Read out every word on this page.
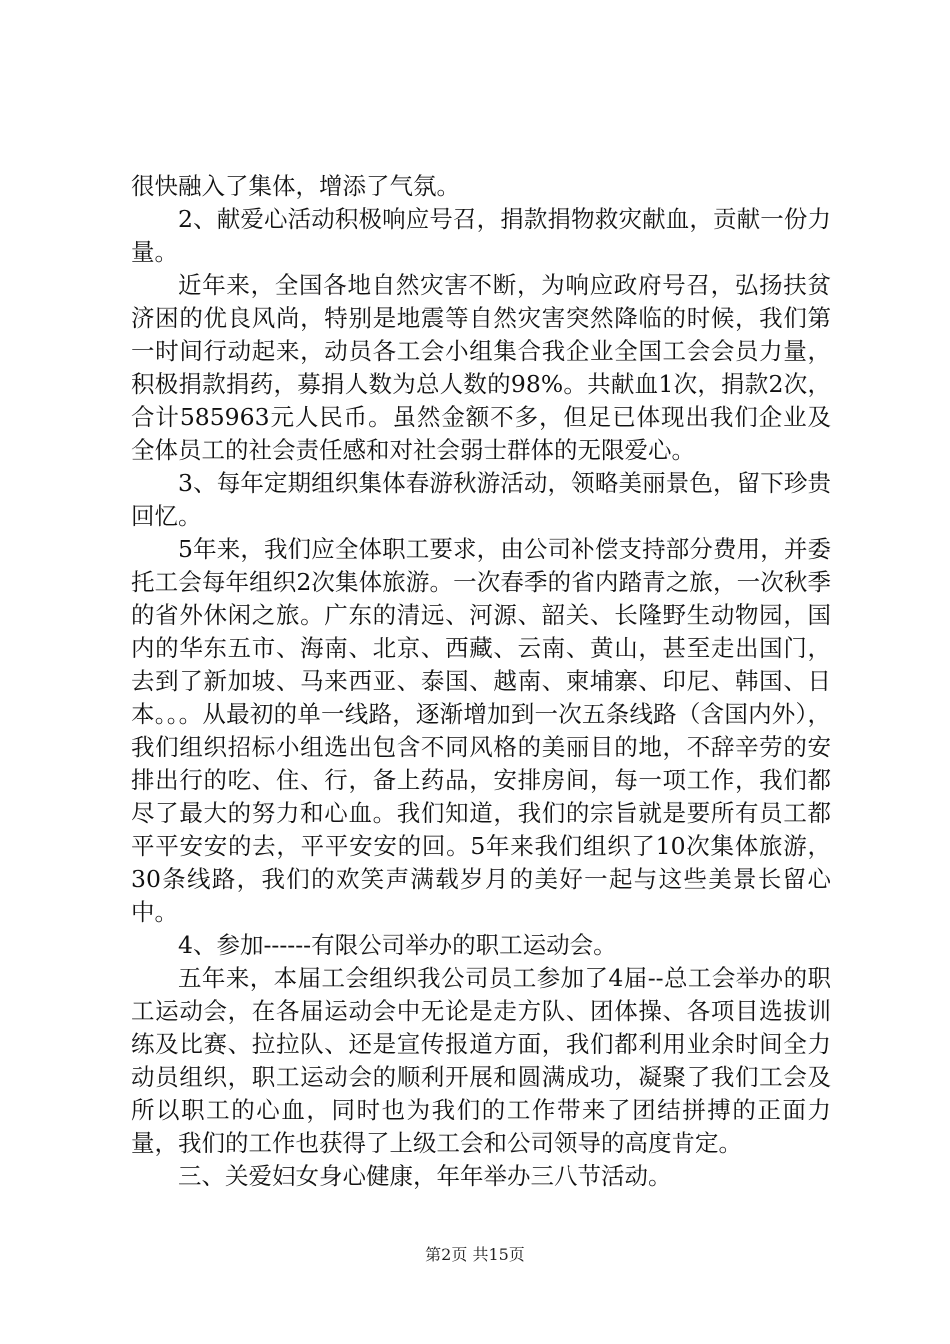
很快融入了集体，增添了气氛。

2、献爱心活动积极响应号召，捐款捐物救灾献血，贡献一份力量。

近年来，全国各地自然灾害不断，为响应政府号召，弘扬扶贫济困的优良风尚，特别是地震等自然灾害突然降临的时候，我们第一时间行动起来，动员各工会小组集合我企业全国工会会员力量，积极捐款捐药，募捐人数为总人数的98%。共献血1次，捐款2次，合计585963元人民币。虽然金额不多，但足已体现出我们企业及全体员工的社会责任感和对社会弱士群体的无限爱心。

3、每年定期组织集体春游秋游活动，领略美丽景色，留下珍贵回忆。

5年来，我们应全体职工要求，由公司补偿支持部分费用，并委托工会每年组织2次集体旅游。一次春季的省内踏青之旅，一次秋季的省外休闲之旅。广东的清远、河源、韶关、长隆野生动物园，国内的华东五市、海南、北京、西藏、云南、黄山，甚至走出国门，去到了新加坡、马来西亚、泰国、越南、柬埔寨、印尼、韩国、日本。。。从最初的单一线路，逐渐增加到一次五条线路（含国内外），我们组织招标小组选出包含不同风格的美丽目的地，不辞辛劳的安排出行的吃、住、行，备上药品，安排房间，每一项工作，我们都尽了最大的努力和心血。我们知道，我们的宗旨就是要所有员工都平平安安的去，平平安安的回。5年来我们组织了10次集体旅游，30条线路，我们的欢笑声满载岁月的美好一起与这些美景长留心中。

4、参加------有限公司举办的职工运动会。

五年来，本届工会组织我公司员工参加了4届--总工会举办的职工运动会，在各届运动会中无论是走方队、团体操、各项目选拔训练及比赛、拉拉队、还是宣传报道方面，我们都利用业余时间全力动员组织，职工运动会的顺利开展和圆满成功，凝聚了我们工会及所以职工的心血，同时也为我们的工作带来了团结拼搏的正面力量，我们的工作也获得了上级工会和公司领导的高度肯定。

三、关爱妇女身心健康，年年举办三八节活动。

第2页 共15页
